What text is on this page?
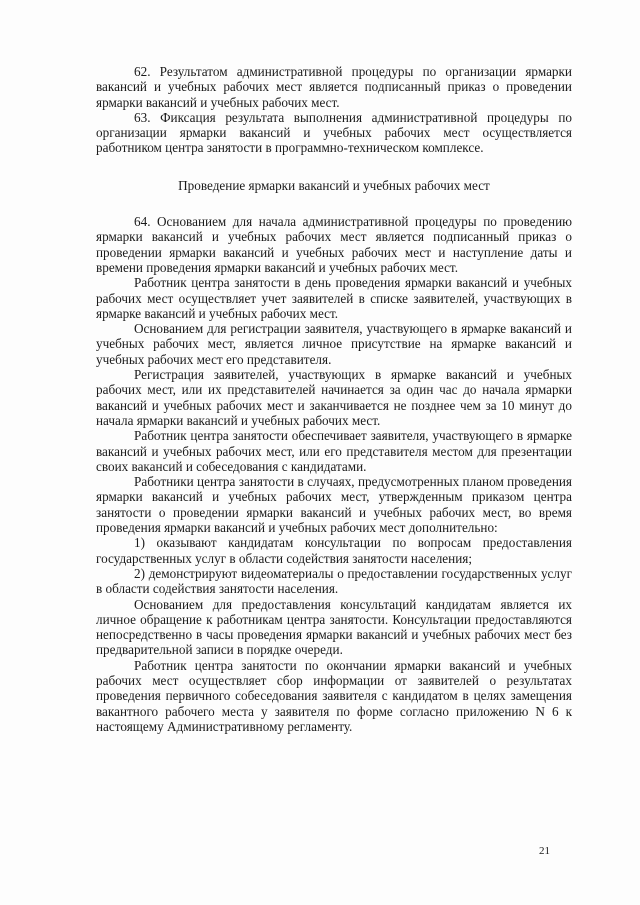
62. Результатом административной процедуры по организации ярмарки вакансий и учебных рабочих мест является подписанный приказ о проведении ярмарки вакансий и учебных рабочих мест.

63. Фиксация результата выполнения административной процедуры по организации ярмарки вакансий и учебных рабочих мест осуществляется работником центра занятости в программно-техническом комплексе.

Проведение ярмарки вакансий и учебных рабочих мест

64. Основанием для начала административной процедуры по проведению ярмарки вакансий и учебных рабочих мест является подписанный приказ о проведении ярмарки вакансий и учебных рабочих мест и наступление даты и времени проведения ярмарки вакансий и учебных рабочих мест.

Работник центра занятости в день проведения ярмарки вакансий и учебных рабочих мест осуществляет учет заявителей в списке заявителей, участвующих в ярмарке вакансий и учебных рабочих мест.

Основанием для регистрации заявителя, участвующего в ярмарке вакансий и учебных рабочих мест, является личное присутствие на ярмарке вакансий и учебных рабочих мест его представителя.

Регистрация заявителей, участвующих в ярмарке вакансий и учебных рабочих мест, или их представителей начинается за один час до начала ярмарки вакансий и учебных рабочих мест и заканчивается не позднее чем за 10 минут до начала ярмарки вакансий и учебных рабочих мест.

Работник центра занятости обеспечивает заявителя, участвующего в ярмарке вакансий и учебных рабочих мест, или его представителя местом для презентации своих вакансий и собеседования с кандидатами.

Работники центра занятости в случаях, предусмотренных планом проведения ярмарки вакансий и учебных рабочих мест, утвержденным приказом центра занятости о проведении ярмарки вакансий и учебных рабочих мест, во время проведения ярмарки вакансий и учебных рабочих мест дополнительно:

1) оказывают кандидатам консультации по вопросам предоставления государственных услуг в области содействия занятости населения;

2) демонстрируют видеоматериалы о предоставлении государственных услуг в области содействия занятости населения.

Основанием для предоставления консультаций кандидатам является их личное обращение к работникам центра занятости. Консультации предоставляются непосредственно в часы проведения ярмарки вакансий и учебных рабочих мест без предварительной записи в порядке очереди.

Работник центра занятости по окончании ярмарки вакансий и учебных рабочих мест осуществляет сбор информации от заявителей о результатах проведения первичного собеседования заявителя с кандидатом в целях замещения вакантного рабочего места у заявителя по форме согласно приложению N 6 к настоящему Административному регламенту.

21
